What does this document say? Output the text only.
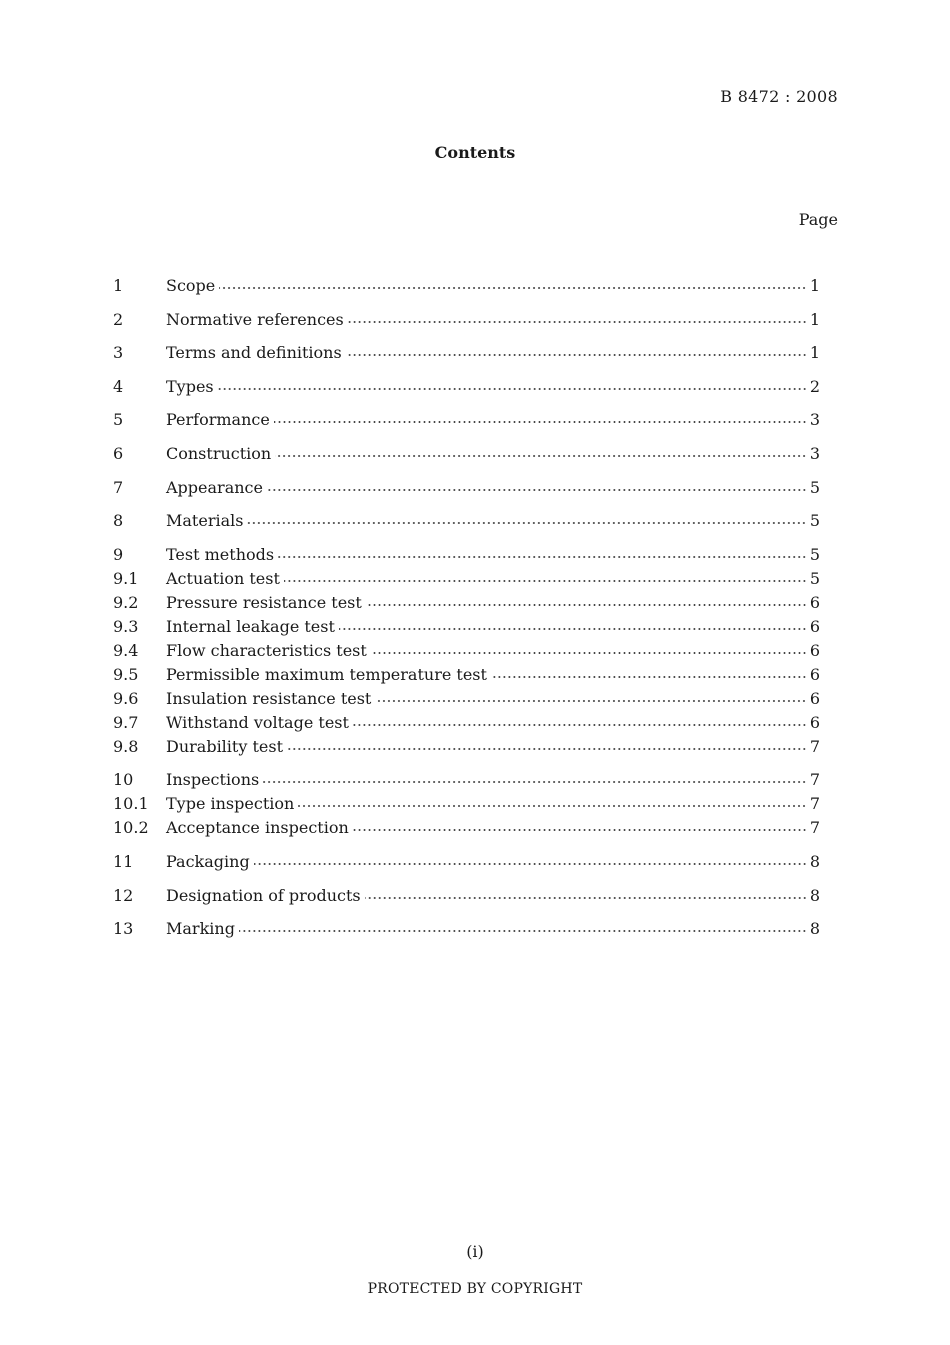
B 8472 : 2008
Contents
Page
1	Scope	1
2	Normative references	1
3	Terms and definitions	1
4	Types	2
5	Performance	3
6	Construction	3
7	Appearance	5
8	Materials	5
9	Test methods	5
9.1	Actuation test	5
9.2	Pressure resistance test	6
9.3	Internal leakage test	6
9.4	Flow characteristics test	6
9.5	Permissible maximum temperature test	6
9.6	Insulation resistance test	6
9.7	Withstand voltage test	6
9.8	Durability test	7
10	Inspections	7
10.1	Type inspection	7
10.2	Acceptance inspection	7
11	Packaging	8
12	Designation of products	8
13	Marking	8
(i)
PROTECTED BY COPYRIGHT
